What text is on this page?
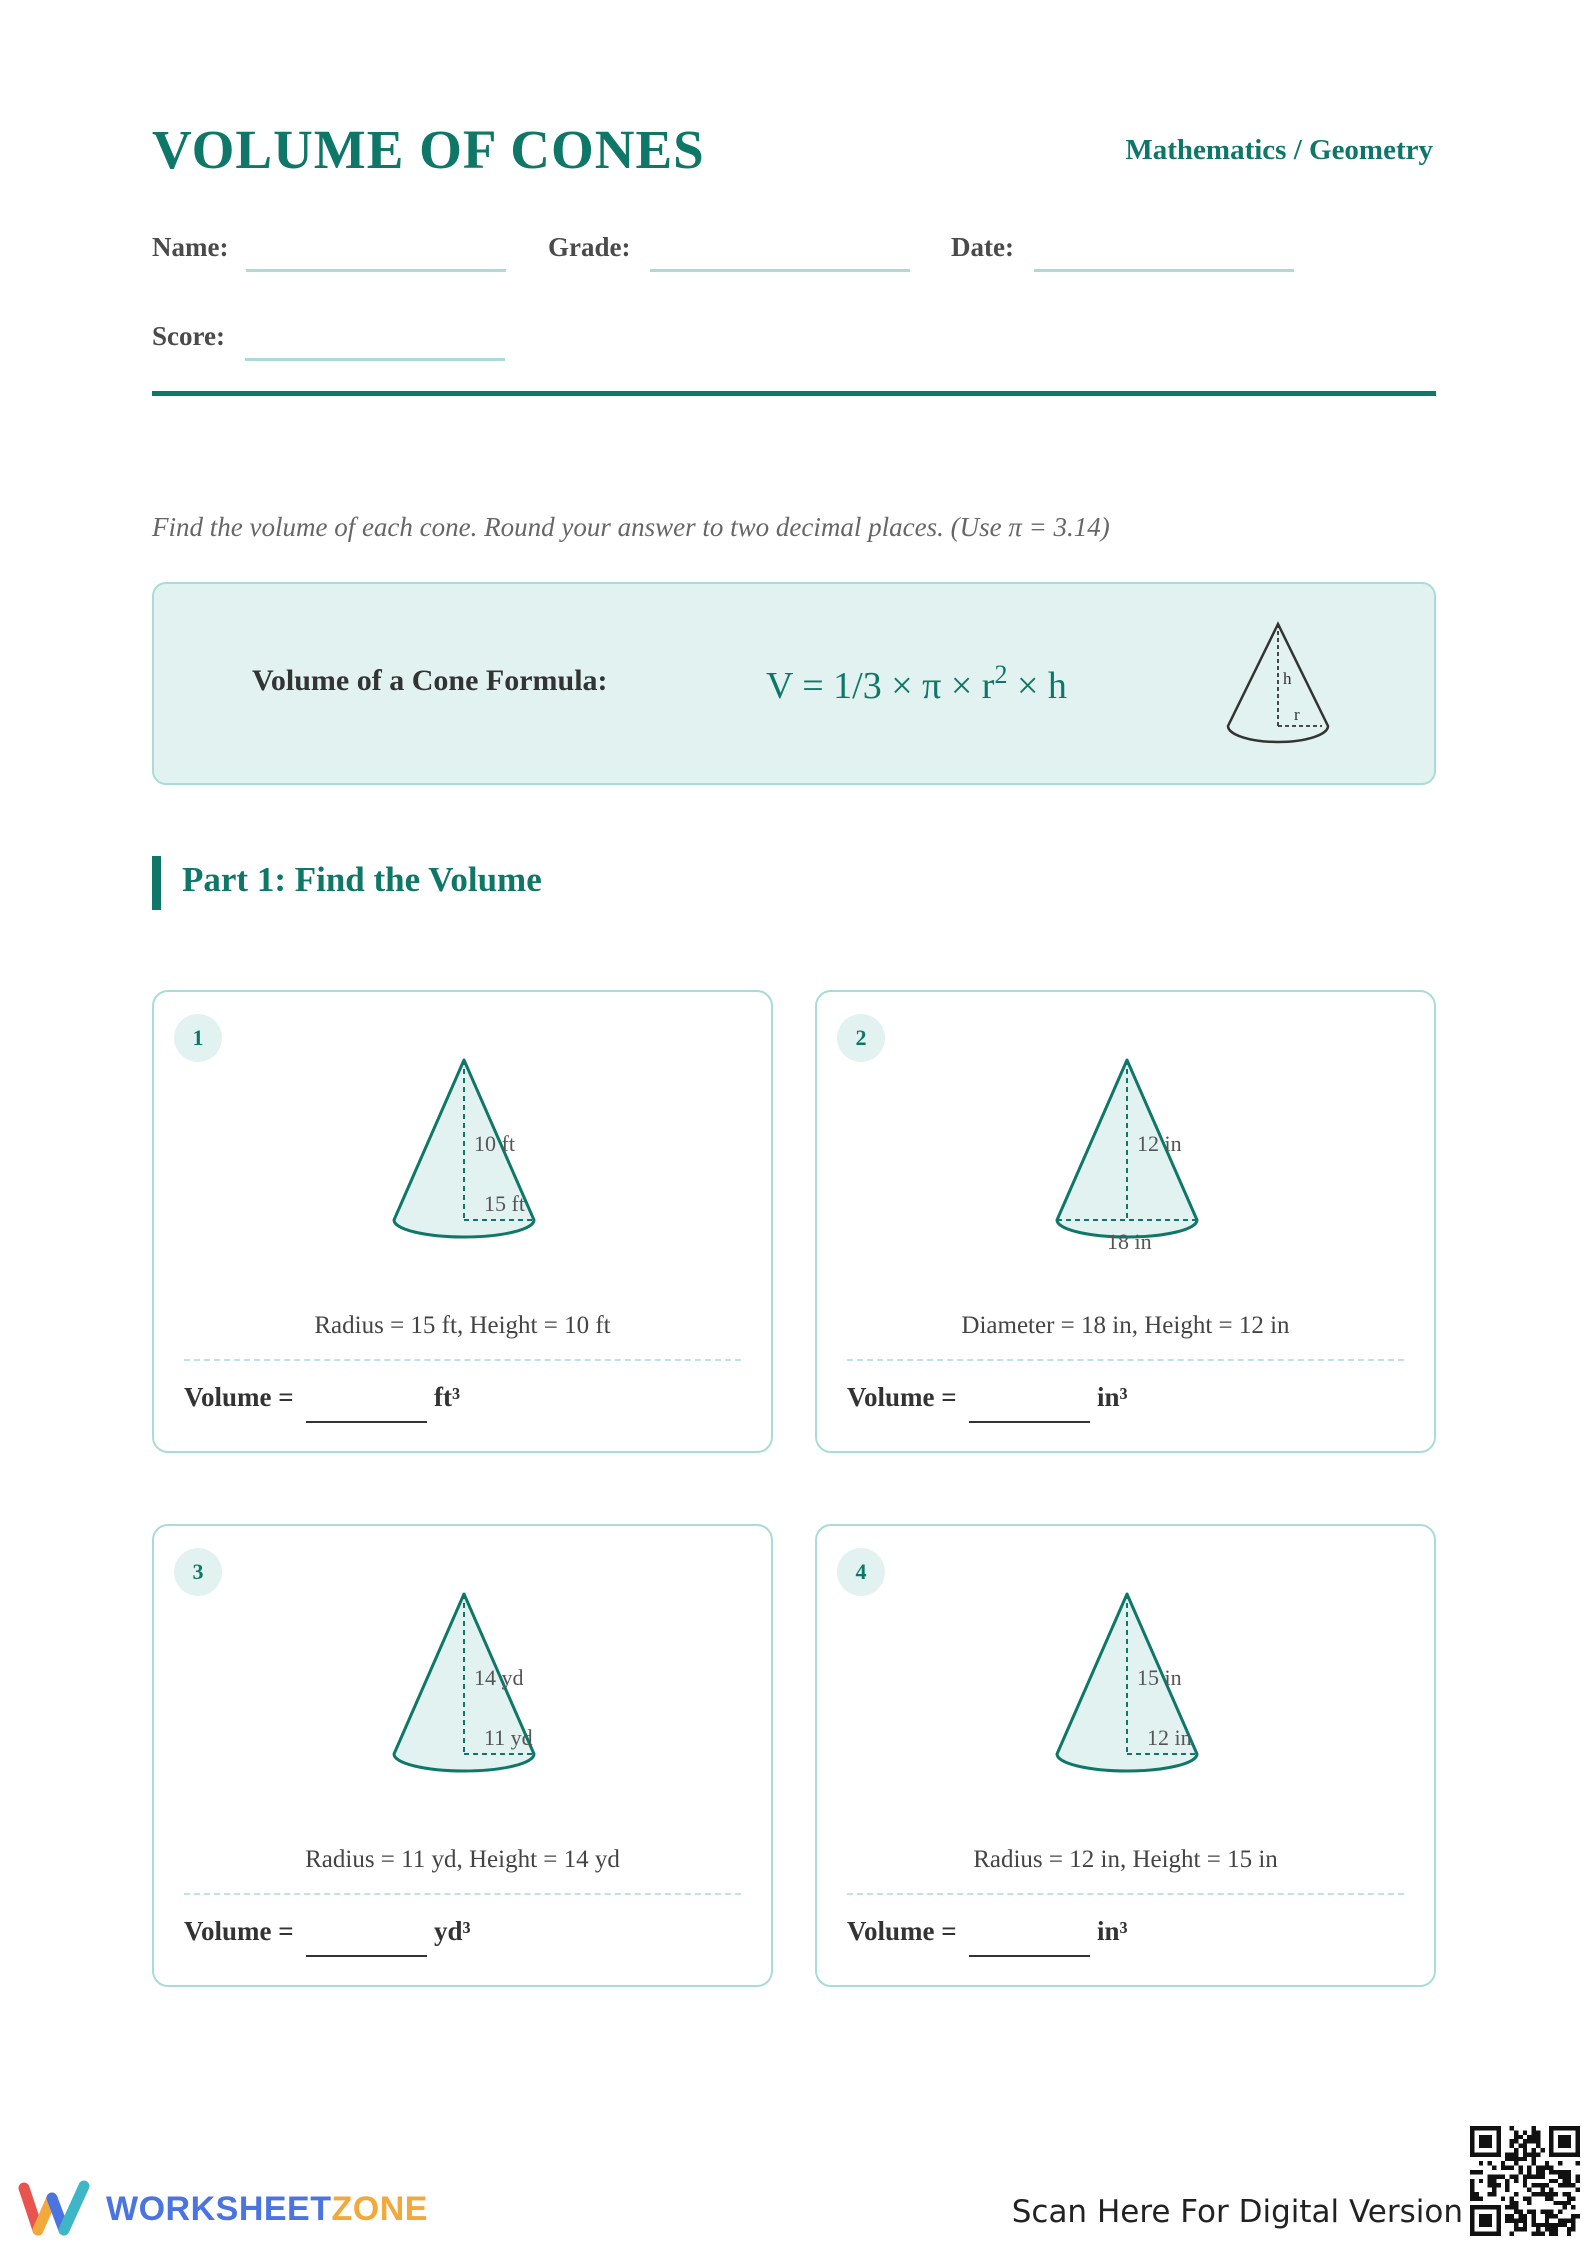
VOLUME OF CONES	Mathematics / Geometry
Name:	Grade:	Date:
Score:
Find the volume of each cone. Round your answer to two decimal places. (Use π = 3.14)
Volume of a Cone Formula:	$V = 1/3 \times \pi \times r^2 \times h$	h
r
Part 1: Find the Volume
1
10 ft
15 ft
Radius = 15 ft, Height = 10 ft
Volume =	ft³
2
12 in
18 in
Diameter = 18 in, Height = 12 in
Volume =	in³
3
14 yd
11 yd
Radius = 11 yd, Height = 14 yd
Volume =	yd³
4
15 in
12 in
Radius = 12 in, Height = 15 in
Volume =	in³
WORKSHEETZONE	Scan Here For Digital Version
